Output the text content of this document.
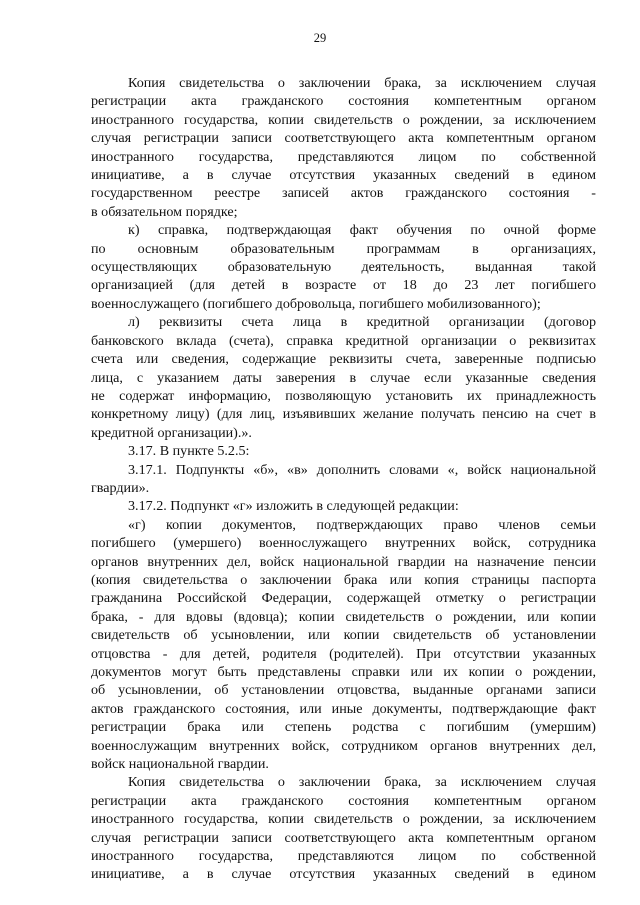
29
Копия свидетельства о заключении брака, за исключением случая
регистрации акта гражданского состояния компетентным органом
иностранного государства, копии свидетельств о рождении, за исключением
случая регистрации записи соответствующего акта компетентным органом
иностранного государства, представляются лицом по собственной
инициативе, а в случае отсутствия указанных сведений в едином
государственном реестре записей актов гражданского состояния -
в обязательном порядке;
к) справка, подтверждающая факт обучения по очной форме
по основным образовательным программам в организациях,
осуществляющих образовательную деятельность, выданная такой
организацией (для детей в возрасте от 18 до 23 лет погибшего
военнослужащего (погибшего добровольца, погибшего мобилизованного);
л) реквизиты счета лица в кредитной организации (договор
банковского вклада (счета), справка кредитной организации о реквизитах
счета или сведения, содержащие реквизиты счета, заверенные подписью
лица, с указанием даты заверения в случае если указанные сведения
не содержат информацию, позволяющую установить их принадлежность
конкретному лицу) (для лиц, изъявивших желание получать пенсию на счет в
кредитной организации).».
3.17. В пункте 5.2.5:
3.17.1. Подпункты «б», «в» дополнить словами «, войск национальной
гвардии».
3.17.2. Подпункт «г» изложить в следующей редакции:
«г) копии документов, подтверждающих право членов семьи
погибшего (умершего) военнослужащего внутренних войск, сотрудника
органов внутренних дел, войск национальной гвардии на назначение пенсии
(копия свидетельства о заключении брака или копия страницы паспорта
гражданина Российской Федерации, содержащей отметку о регистрации
брака, - для вдовы (вдовца); копии свидетельств о рождении, или копии
свидетельств об усыновлении, или копии свидетельств об установлении
отцовства - для детей, родителя (родителей). При отсутствии указанных
документов могут быть представлены справки или их копии о рождении,
об усыновлении, об установлении отцовства, выданные органами записи
актов гражданского состояния, или иные документы, подтверждающие факт
регистрации брака или степень родства с погибшим (умершим)
военнослужащим внутренних войск, сотрудником органов внутренних дел,
войск национальной гвардии.
Копия свидетельства о заключении брака, за исключением случая
регистрации акта гражданского состояния компетентным органом
иностранного государства, копии свидетельств о рождении, за исключением
случая регистрации записи соответствующего акта компетентным органом
иностранного государства, представляются лицом по собственной
инициативе, а в случае отсутствия указанных сведений в едином
